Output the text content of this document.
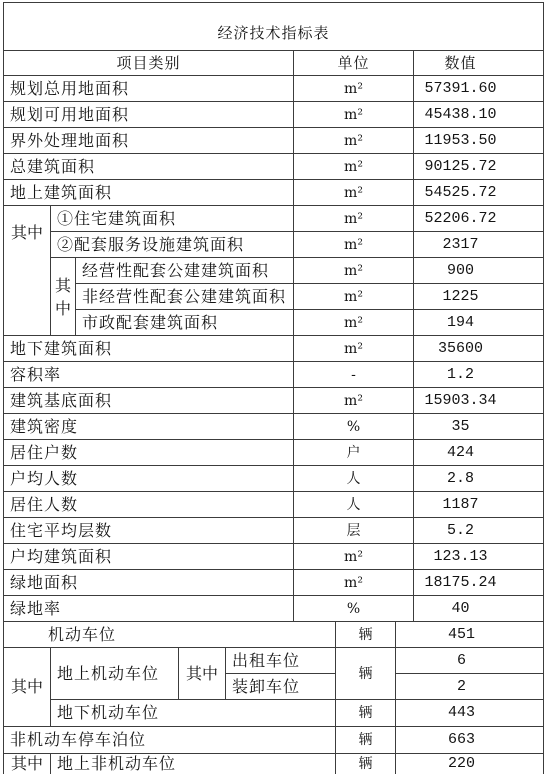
经济技术指标表				
项目类别			单位	数值
规划总用地面积			m²	57391.60
规划可用地面积			m²	45438.10
界外处理地面积			m²	11953.50
总建筑面积			m²	90125.72
地上建筑面积			m²	54525.72
其中	①住宅建筑面积		m²	52206.72
	②配套服务设施建筑面积		m²	2317
	其中	经营性配套公建建筑面积	m²	900
		非经营性配套公建建筑面积	m²	1225
		市政配套建筑面积	m²	194
地下建筑面积			m²	35600
容积率			-	1.2
建筑基底面积			m²	15903.34
建筑密度			%	35
居住户数			户	424
户均人数			人	2.8
居住人数			人	1187
住宅平均层数			层	5.2
户均建筑面积			m²	123.13
绿地面积			m²	18175.24
绿地率			%	40
机动车位				辆	451
其中	地上机动车位	其中	出租车位	辆	6
			装卸车位		2
	地下机动车位			辆	443
非机动车停车泊位				辆	663
其中	地上非机动车位			辆	220
